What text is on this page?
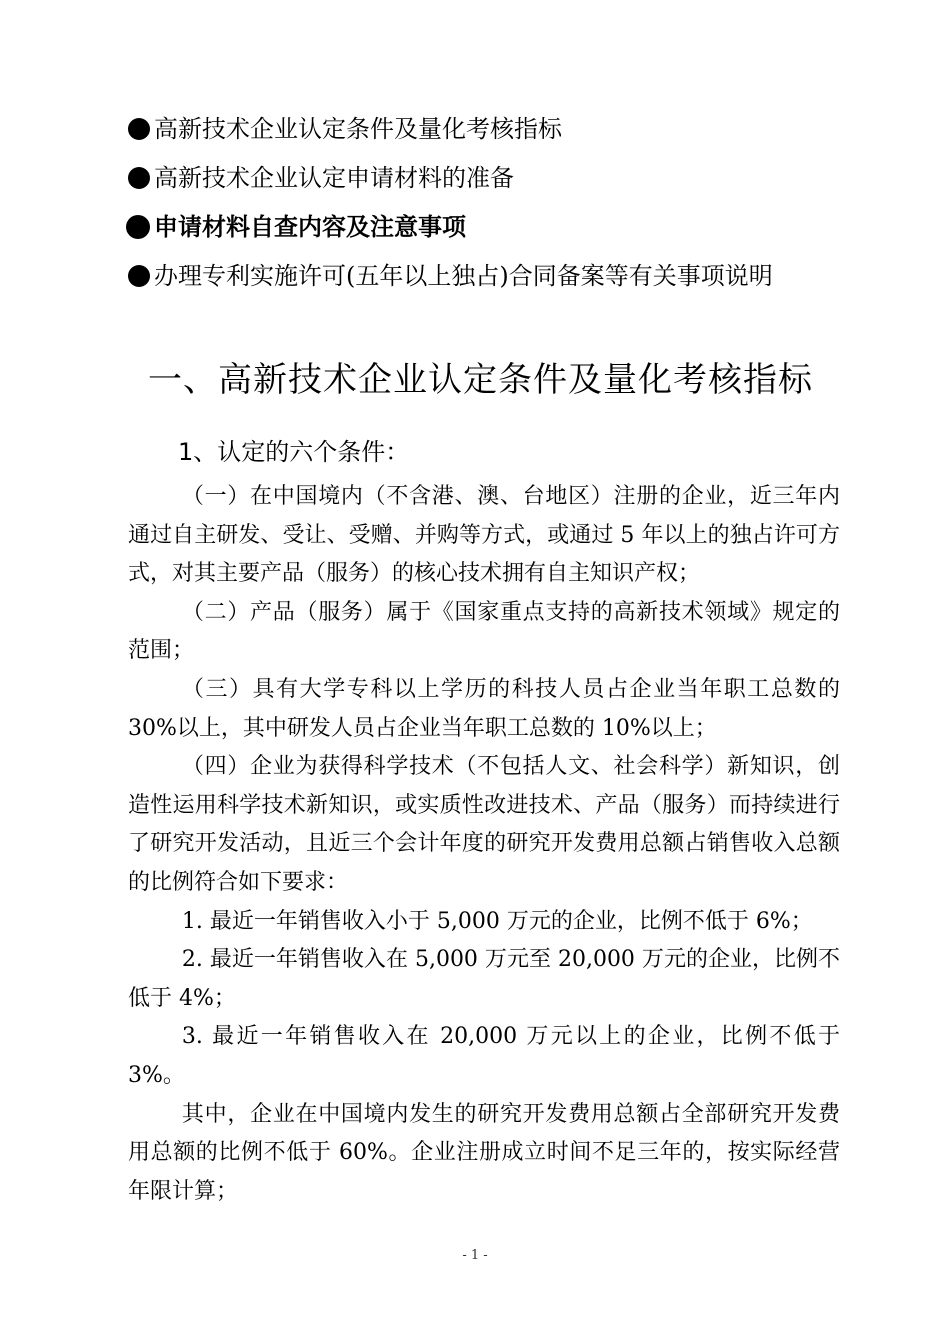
高新技术企业认定条件及量化考核指标
高新技术企业认定申请材料的准备
申请材料自查内容及注意事项
办理专利实施许可(五年以上独占)合同备案等有关事项说明
一、高新技术企业认定条件及量化考核指标
1、认定的六个条件：

（一）在中国境内（不含港、澳、台地区）注册的企业，近三年内通过自主研发、受让、受赠、并购等方式，或通过 5 年以上的独占许可方式，对其主要产品（服务）的核心技术拥有自主知识产权；

（二）产品（服务）属于《国家重点支持的高新技术领域》规定的范围；

（三）具有大学专科以上学历的科技人员占企业当年职工总数的30%以上，其中研发人员占企业当年职工总数的 10%以上；

（四）企业为获得科学技术（不包括人文、社会科学）新知识，创造性运用科学技术新知识，或实质性改进技术、产品（服务）而持续进行了研究开发活动，且近三个会计年度的研究开发费用总额占销售收入总额的比例符合如下要求：

1. 最近一年销售收入小于 5,000 万元的企业，比例不低于 6%；

2. 最近一年销售收入在 5,000 万元至 20,000 万元的企业，比例不低于 4%；

3. 最近一年销售收入在 20,000 万元以上的企业，比例不低于3%。

其中，企业在中国境内发生的研究开发费用总额占全部研究开发费用总额的比例不低于 60%。企业注册成立时间不足三年的，按实际经营年限计算；

- 1 -
